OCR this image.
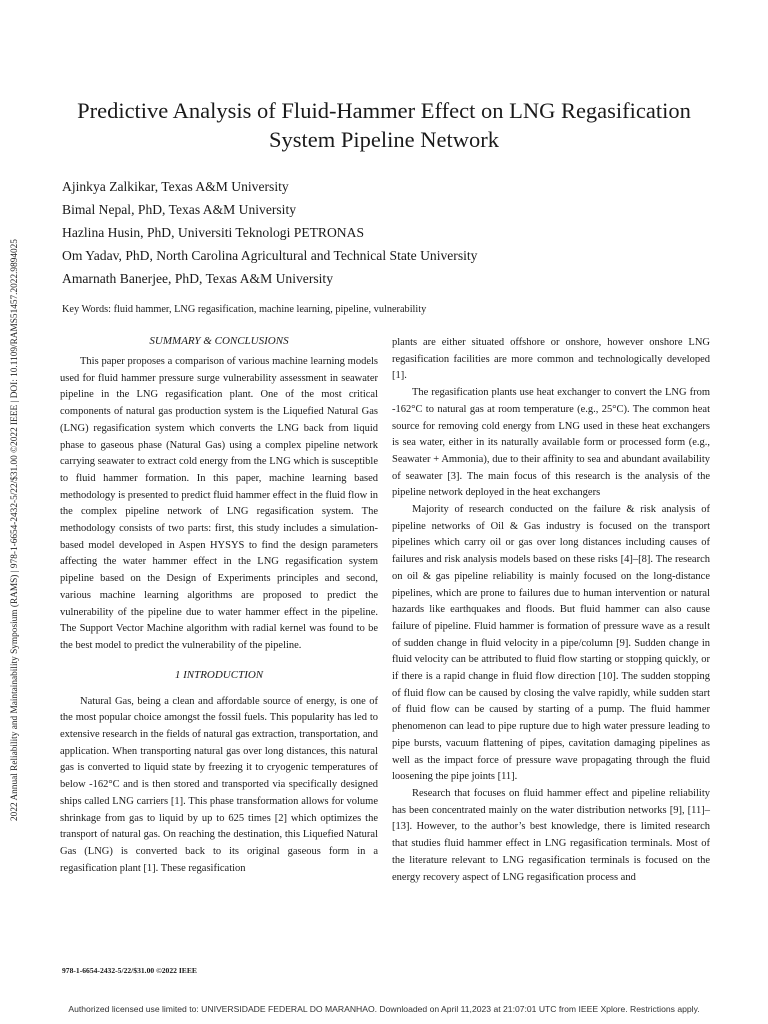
2022 Annual Reliability and Maintainability Symposium (RAMS) | 978-1-6654-2432-5/22/$31.00 ©2022 IEEE | DOI: 10.1109/RAMS51457.2022.9894025
Predictive Analysis of Fluid-Hammer Effect on LNG Regasification
System Pipeline Network
Ajinkya Zalkikar, Texas A&M University
Bimal Nepal, PhD, Texas A&M University
Hazlina Husin, PhD, Universiti Teknologi PETRONAS
Om Yadav, PhD, North Carolina Agricultural and Technical State University
Amarnath Banerjee, PhD, Texas A&M University
Key Words: fluid hammer, LNG regasification, machine learning, pipeline, vulnerability
SUMMARY & CONCLUSIONS

This paper proposes a comparison of various machine learning models used for fluid hammer pressure surge vulnerability assessment in seawater pipeline in the LNG regasification plant. One of the most critical components of natural gas production system is the Liquefied Natural Gas (LNG) regasification system which converts the LNG back from liquid phase to gaseous phase (Natural Gas) using a complex pipeline network carrying seawater to extract cold energy from the LNG which is susceptible to fluid hammer formation. In this paper, machine learning based methodology is presented to predict fluid hammer effect in the fluid flow in the complex pipeline network of LNG regasification system. The methodology consists of two parts: first, this study includes a simulation-based model developed in Aspen HYSYS to find the design parameters affecting the water hammer effect in the LNG regasification system pipeline based on the Design of Experiments principles and second, various machine learning algorithms are proposed to predict the vulnerability of the pipeline due to water hammer effect in the pipeline. The Support Vector Machine algorithm with radial kernel was found to be the best model to predict the vulnerability of the pipeline.

1 INTRODUCTION

Natural Gas, being a clean and affordable source of energy, is one of the most popular choice amongst the fossil fuels. This popularity has led to extensive research in the fields of natural gas extraction, transportation, and application. When transporting natural gas over long distances, this natural gas is converted to liquid state by freezing it to cryogenic temperatures of below -162°C and is then stored and transported via specifically designed ships called LNG carriers [1]. This phase transformation allows for volume shrinkage from gas to liquid by up to 625 times [2] which optimizes the transport of natural gas. On reaching the destination, this Liquefied Natural Gas (LNG) is converted back to its original gaseous form in a regasification plant [1]. These regasification

plants are either situated offshore or onshore, however onshore LNG regasification facilities are more common and technologically developed [1].

The regasification plants use heat exchanger to convert the LNG from -162°C to natural gas at room temperature (e.g., 25°C). The common heat source for removing cold energy from LNG used in these heat exchangers is sea water, either in its naturally available form or processed form (e.g., Seawater + Ammonia), due to their affinity to sea and abundant availability of seawater [3]. The main focus of this research is the analysis of the pipeline network deployed in the heat exchangers

Majority of research conducted on the failure & risk analysis of pipeline networks of Oil & Gas industry is focused on the transport pipelines which carry oil or gas over long distances including causes of failures and risk analysis models based on these risks [4]–[8]. The research on oil & gas pipeline reliability is mainly focused on the long-distance pipelines, which are prone to failures due to human intervention or natural hazards like earthquakes and floods. But fluid hammer can also cause failure of pipeline. Fluid hammer is formation of pressure wave as a result of sudden change in fluid velocity in a pipe/column [9]. Sudden change in fluid velocity can be attributed to fluid flow starting or stopping quickly, or if there is a rapid change in fluid flow direction [10]. The sudden stopping of fluid flow can be caused by closing the valve rapidly, while sudden start of fluid flow can be caused by starting of a pump. The fluid hammer phenomenon can lead to pipe rupture due to high water pressure leading to pipe bursts, vacuum flattening of pipes, cavitation damaging pipelines as well as the impact force of pressure wave propagating through the fluid loosening the pipe joints [11].

Research that focuses on fluid hammer effect and pipeline reliability has been concentrated mainly on the water distribution networks [9], [11]–[13]. However, to the author’s best knowledge, there is limited research that studies fluid hammer effect in LNG regasification terminals. Most of the literature relevant to LNG regasification terminals is focused on the energy recovery aspect of LNG regasification process and

978-1-6654-2432-5/22/$31.00 ©2022 IEEE
Authorized licensed use limited to: UNIVERSIDADE FEDERAL DO MARANHAO. Downloaded on April 11,2023 at 21:07:01 UTC from IEEE Xplore. Restrictions apply.
